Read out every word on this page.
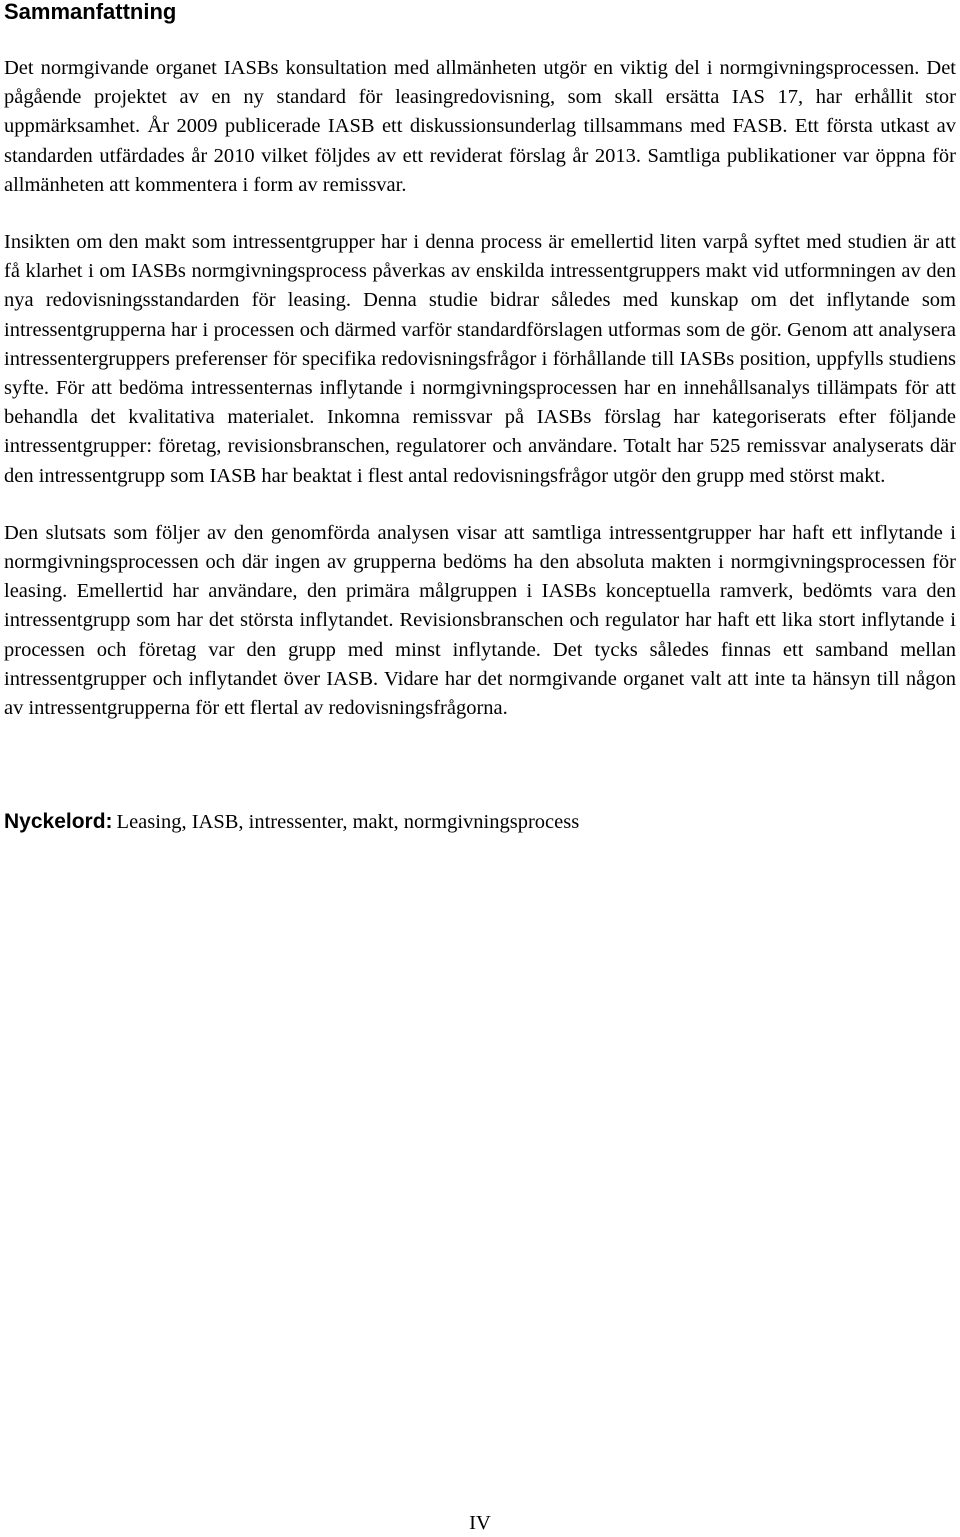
Sammanfattning

Det normgivande organet IASBs konsultation med allmänheten utgör en viktig del i normgivningsprocessen. Det pågående projektet av en ny standard för leasingredovisning, som skall ersätta IAS 17, har erhållit stor uppmärksamhet. År 2009 publicerade IASB ett diskussionsunderlag tillsammans med FASB. Ett första utkast av standarden utfärdades år 2010 vilket följdes av ett reviderat förslag år 2013. Samtliga publikationer var öppna för allmänheten att kommentera i form av remissvar.

Insikten om den makt som intressentgrupper har i denna process är emellertid liten varpå syftet med studien är att få klarhet i om IASBs normgivningsprocess påverkas av enskilda intressentgruppers makt vid utformningen av den nya redovisningsstandarden för leasing. Denna studie bidrar således med kunskap om det inflytande som intressentgrupperna har i processen och därmed varför standardförslagen utformas som de gör. Genom att analysera intressentergruppers preferenser för specifika redovisningsfrågor i förhållande till IASBs position, uppfylls studiens syfte. För att bedöma intressenternas inflytande i normgivningsprocessen har en innehållsanalys tillämpats för att behandla det kvalitativa materialet. Inkomna remissvar på IASBs förslag har kategoriserats efter följande intressentgrupper: företag, revisionsbranschen, regulatorer och användare. Totalt har 525 remissvar analyserats där den intressentgrupp som IASB har beaktat i flest antal redovisningsfrågor utgör den grupp med störst makt.

Den slutsats som följer av den genomförda analysen visar att samtliga intressentgrupper har haft ett inflytande i normgivningsprocessen och där ingen av grupperna bedöms ha den absoluta makten i normgivningsprocessen för leasing. Emellertid har användare, den primära målgruppen i IASBs konceptuella ramverk, bedömts vara den intressentgrupp som har det största inflytandet. Revisionsbranschen och regulator har haft ett lika stort inflytande i processen och företag var den grupp med minst inflytande. Det tycks således finnas ett samband mellan intressentgrupper och inflytandet över IASB. Vidare har det normgivande organet valt att inte ta hänsyn till någon av intressentgrupperna för ett flertal av redovisningsfrågorna.

Nyckelord: Leasing, IASB, intressenter, makt, normgivningsprocess
IV
